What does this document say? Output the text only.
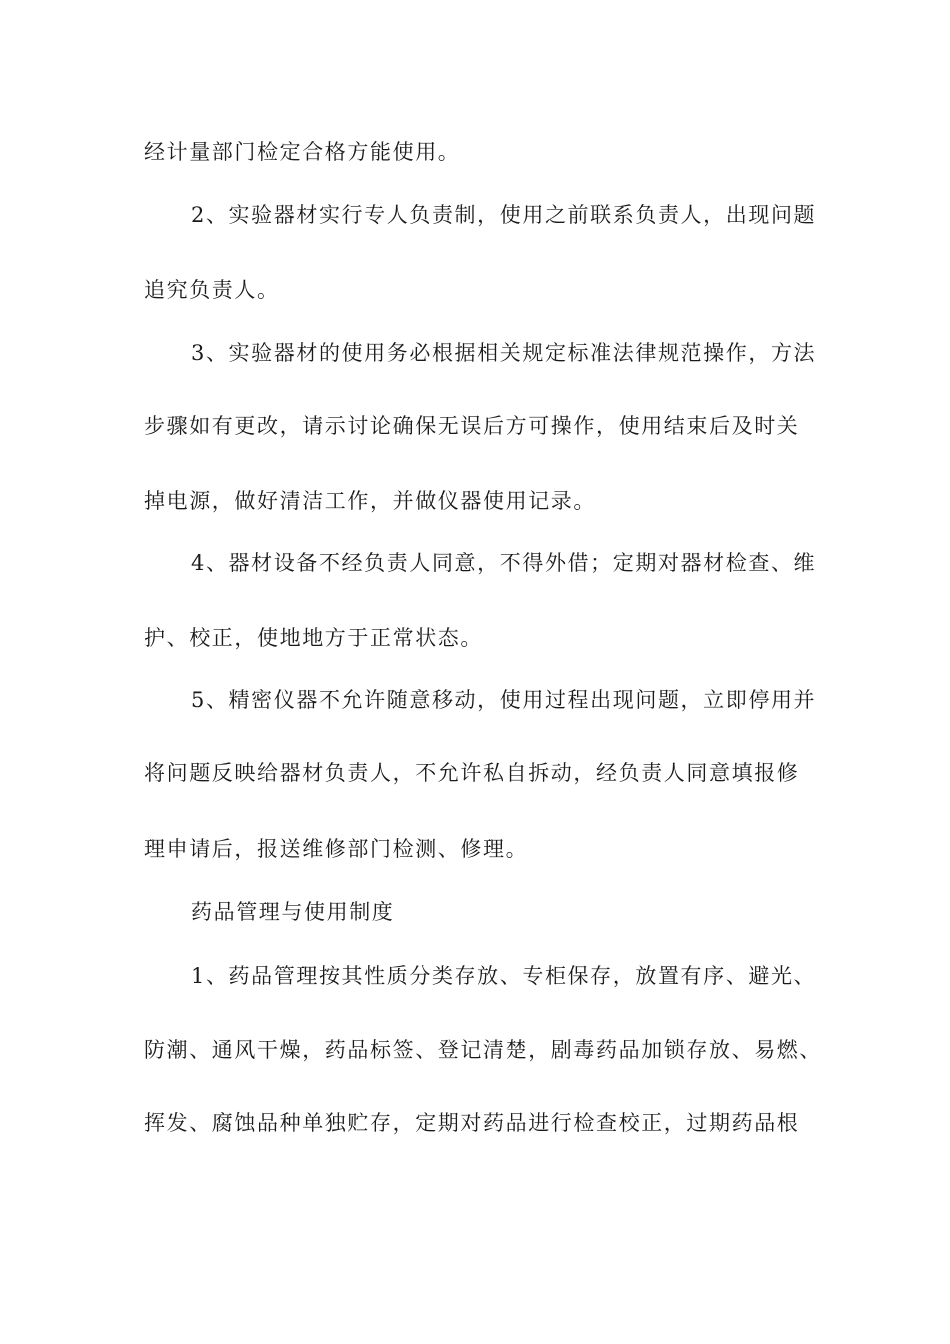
经计量部门检定合格方能使用。
2、实验器材实行专人负责制，使用之前联系负责人，出现问题
追究负责人。
3、实验器材的使用务必根据相关规定标准法律规范操作，方法
步骤如有更改，请示讨论确保无误后方可操作，使用结束后及时关
掉电源，做好清洁工作，并做仪器使用记录。
4、器材设备不经负责人同意，不得外借；定期对器材检查、维
护、校正，使地地方于正常状态。
5、精密仪器不允许随意移动，使用过程出现问题，立即停用并
将问题反映给器材负责人，不允许私自拆动，经负责人同意填报修
理申请后，报送维修部门检测、修理。
药品管理与使用制度
1、药品管理按其性质分类存放、专柜保存，放置有序、避光、
防潮、通风干燥，药品标签、登记清楚，剧毒药品加锁存放、易燃、
挥发、腐蚀品种单独贮存，定期对药品进行检查校正，过期药品根
